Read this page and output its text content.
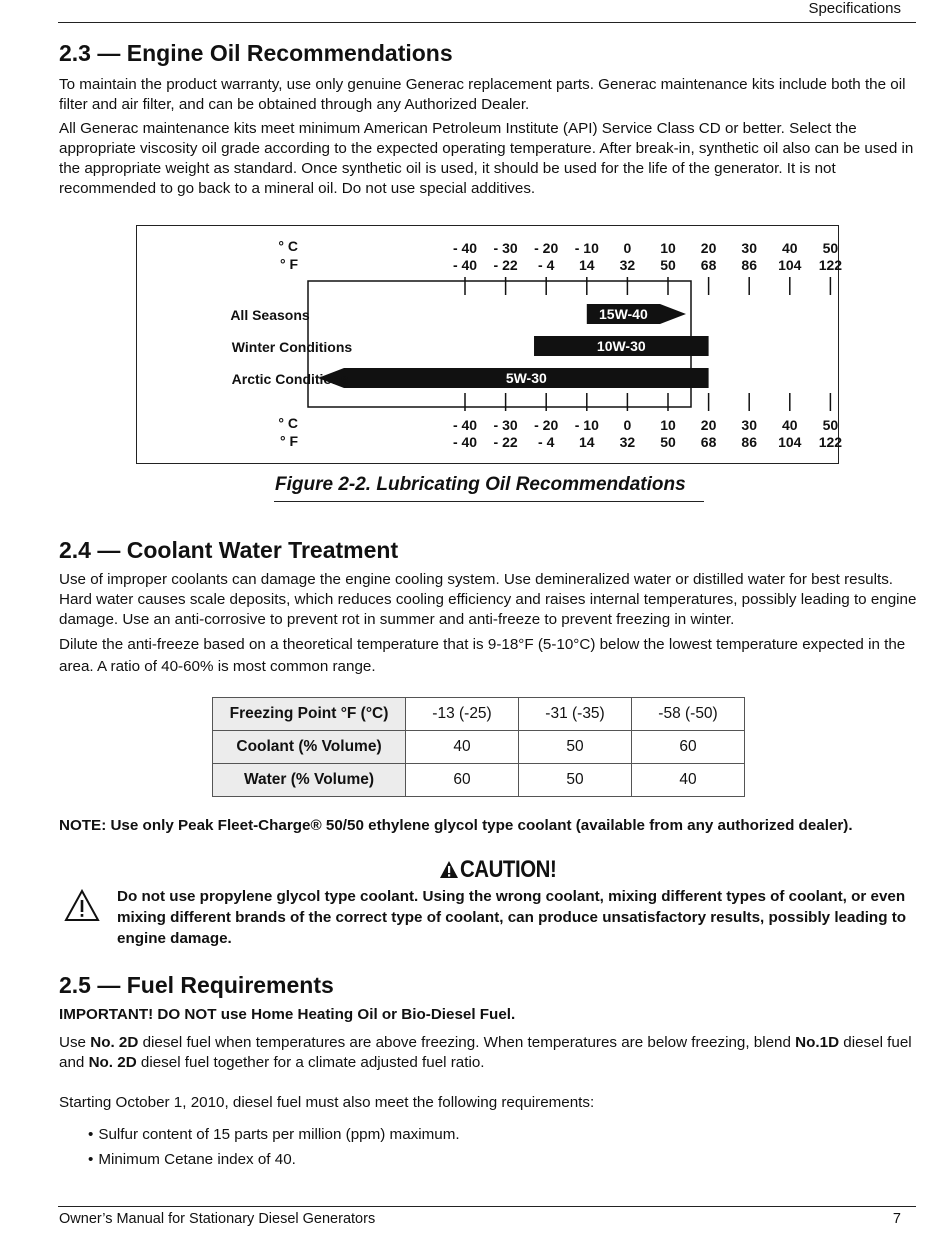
Specifications
2.3 — Engine Oil Recommendations

To maintain the product warranty, use only genuine Generac replacement parts. Generac maintenance kits include both the oil filter and air filter, and can be obtained through any Authorized Dealer.

All Generac maintenance kits meet minimum American Petroleum Institute (API) Service Class CD or better. Select the appropriate viscosity oil grade according to the expected operating temperature. After break-in, synthetic oil also can be used in the appropriate weight as standard. Once synthetic oil is used, it should be used for the life of the generator. It is not recommended to go back to a mineral oil. Do not use special additives.

- 40
- 40
- 40
- 40
- 30
- 22
- 30
- 22
- 20
- 4
- 20
- 4
- 10
14
- 10
14
0
32
0
32
10
50
10
50
20
68
20
68
30
86
30
86
40
104
40
104
50
122
50
122
° C
° F
° C
° F
15W-40
All Seasons
10W-30
Winter Conditions
5W-30
Arctic Conditions
Figure 2-2. Lubricating Oil Recommendations
2.4 — Coolant Water Treatment

Use of improper coolants can damage the engine cooling system. Use demineralized water or distilled water for best results. Hard water causes scale deposits, which reduces cooling efficiency and raises internal temperatures, possibly leading to engine damage. Use an anti-corrosive to prevent rot in summer and anti-freeze to prevent freezing in winter.

Dilute the anti-freeze based on a theoretical temperature that is 9-18°F (5-10°C) below the lowest temperature expected in the area. A ratio of 40-60% is most common range.

Freezing Point °F (°C)	-13 (-25)	-31 (-35)	-58 (-50)
Coolant (% Volume)	40	50	60
Water (% Volume)	60	50	40
NOTE: Use only Peak Fleet-Charge® 50/50 ethylene glycol type coolant (available from any authorized dealer).
CAUTION!
Do not use propylene glycol type coolant. Using the wrong coolant, mixing different types of coolant, or even mixing different brands of the correct type of coolant, can produce unsatisfactory results, possibly leading to engine damage.
2.5 — Fuel Requirements
IMPORTANT! DO NOT use Home Heating Oil or Bio-Diesel Fuel.

Use No. 2D diesel fuel when temperatures are above freezing. When temperatures are below freezing, blend No.1D diesel fuel and No. 2D diesel fuel together for a climate adjusted fuel ratio.

Starting October 1, 2010, diesel fuel must also meet the following requirements:

• Sulfur content of 15 parts per million (ppm) maximum.
• Minimum Cetane index of 40.
Owner’s Manual for Stationary Diesel Generators	7
